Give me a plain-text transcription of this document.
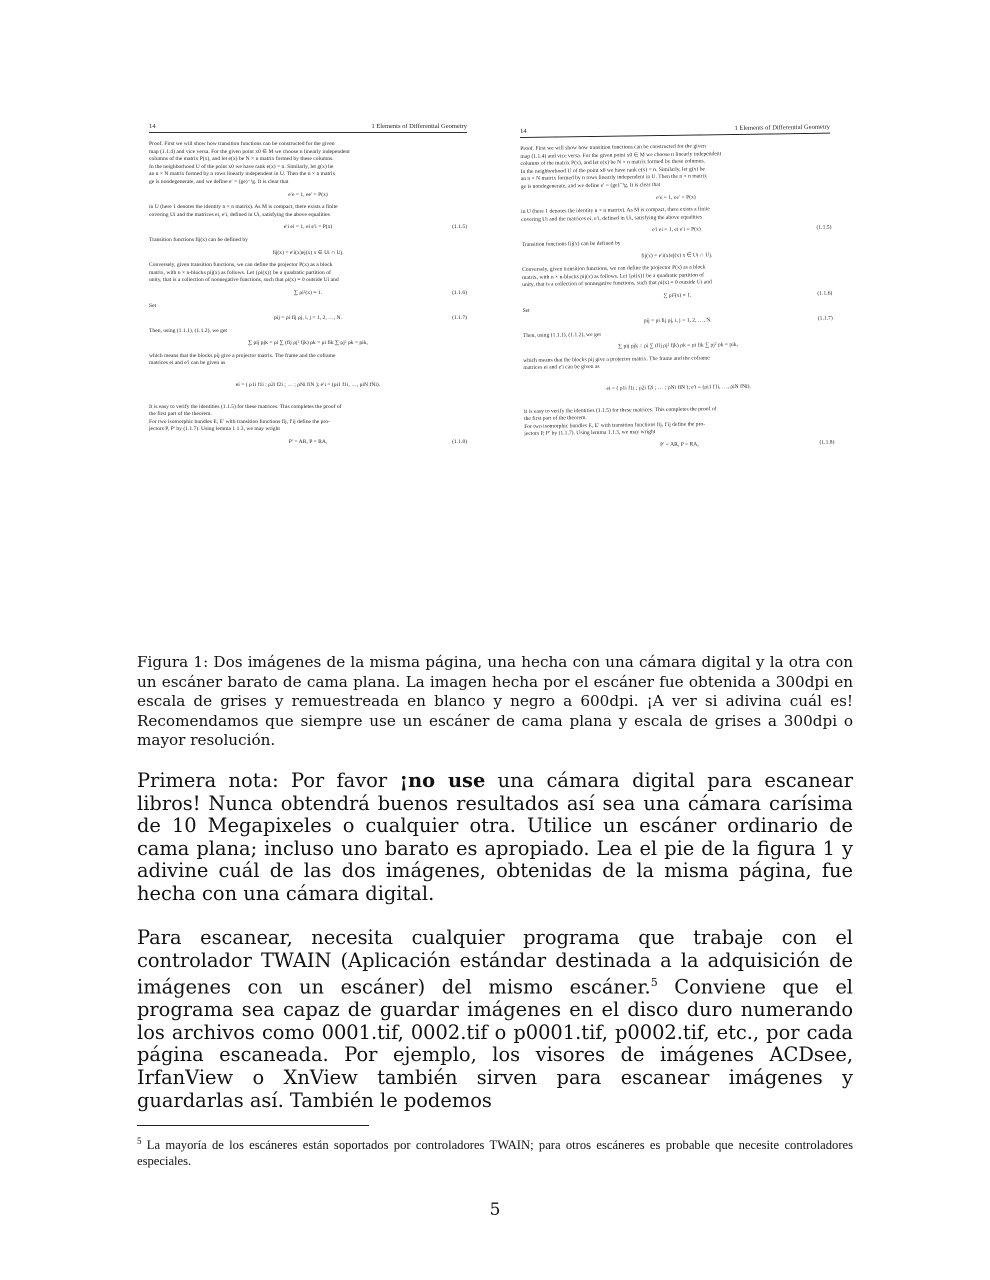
14	1 Elements of Differential Geometry
Proof. First we will show how transition functions can be constructed for the given
map (1.1.4) and vice versa. For the given point x0 ∈ M we choose n linearly independent
columns of the matrix P(x), and let e(x) be N × n matrix formed by these columns.
In the neighborhood U of the point x0 we have rank e(x) = n. Similarly, let g(x) be
an n × N matrix formed by n rows linearly independent in U. Then the n × n matrix
ge is nondegenerate, and we define e′ = (ge)⁻¹g. It is clear that
e′e = 1, ee′ = P(x)
in U (here 1 denotes the identity n × n matrix). As M is compact, there exists a finite
covering Ui and the matrices ei, e′i, defined in Ui, satisfying the above equalities
e′i ei = 1, ei e′i = P(x)	(1.1.5)
Transition functions fij(x) can be defined by
fij(x) = e′i(x)ej(x) x ∈ Ui ∩ Uj.
Conversely, given transition functions, we can define the projector P(x) as a block
matrix, with n × n-blocks pij(x) as follows. Let {ρi(x)} be a quadratic partition of
unity, that is a collection of nonnegative functions, such that ρi(x) ≡ 0 outside Ui and
∑ ρi²(x) ≡ 1.	(1.1.6)
Set
pij = ρi fij ρj, i, j = 1, 2, …, N.	(1.1.7)
Then, using (1.1.1), (1.1.2), we get
∑ pij pjk = ρi ∑ (fij ρj² fjk) ρk = ρi fik ∑ ρj² ρk = pik,
which means that the blocks pij give a projector matrix. The frame and the coframe
matrices ei and e′i can be given as
ei = ( ρ1i f1i ; ρ2i f2i ; … ; ρNi fiN ); e′i = (ρi1 f1i, …, ρiN fNi).
It is easy to verify the identities (1.1.5) for these matrices. This completes the proof of
the first part of the theorem.
For two isomorphic bundles E, E′ with transition functions fij, f′ij define the pro-
jectors P, P′ by (1.1.7). Using lemma 1.1.3, we may wright
P′ = AR, P = RA,	(1.1.8)
14	1 Elements of Differential Geometry
Proof. First we will show how transition functions can be constructed for the given
map (1.1.4) and vice versa. For the given point x0 ∈ M we choose n linearly independent
columns of the matrix P(x), and let e(x) be N × n matrix formed by these columns.
In the neighborhood U of the point x0 we have rank e(x) = n. Similarly, let g(x) be
an n × N matrix formed by n rows linearly independent in U. Then the n × n matrix
ge is nondegenerate, and we define e′ = (ge)⁻¹g. It is clear that
e′e = 1, ee′ = P(x)
in U (here 1 denotes the identity n × n matrix). As M is compact, there exists a finite
covering Ui and the matrices ei, e′i, defined in Ui, satisfying the above equalities
e′i ei = 1, ei e′i = P(x)	(1.1.5)
Transition functions fij(x) can be defined by
fij(x) = e′i(x)ej(x) x ∈ Ui ∩ Uj.
Conversely, given transition functions, we can define the projector P(x) as a block
matrix, with n × n-blocks pij(x) as follows. Let {ρi(x)} be a quadratic partition of
unity, that is a collection of nonnegative functions, such that ρi(x) ≡ 0 outside Ui and
∑ ρi²(x) ≡ 1.	(1.1.6)
Set
pij = ρi fij ρj, i, j = 1, 2, …, N.	(1.1.7)
Then, using (1.1.1), (1.1.2), we get
∑ pij pjk = ρi ∑ (fij ρj² fjk) ρk = ρi fik ∑ ρj² ρk = pik,
which means that the blocks pij give a projector matrix. The frame and the coframe
matrices ei and e′i can be given as
ei = ( ρ1i f1i ; ρ2i f2i ; … ; ρNi fiN ); e′i = (ρi1 f1i, …, ρiN fNi).
It is easy to verify the identities (1.1.5) for these matrices. This completes the proof of
the first part of the theorem.
For two isomorphic bundles E, E′ with transition functions fij, f′ij define the pro-
jectors P, P′ by (1.1.7). Using lemma 1.1.3, we may wright
P′ = AR, P = RA,	(1.1.8)
Figura 1: Dos imágenes de la misma página, una hecha con una cámara digital y la otra con un escáner barato de cama plana. La imagen hecha por el escáner fue obtenida a 300dpi en escala de grises y remuestreada en blanco y negro a 600dpi. ¡A ver si adivina cuál es! Recomendamos que siempre use un escáner de cama plana y escala de grises a 300dpi o mayor resolución.
Primera nota: Por favor ¡no use una cámara digital para escanear libros! Nunca obtendrá buenos resultados así sea una cámara carísima de 10 Megapixeles o cualquier otra. Utilice un escáner ordinario de cama plana; incluso uno barato es apropiado. Lea el pie de la figura 1 y adivine cuál de las dos imágenes, obtenidas de la misma página, fue hecha con una cámara digital.
Para escanear, necesita cualquier programa que trabaje con el controlador TWAIN (Aplicación estándar destinada a la adquisición de imágenes con un escáner) del mismo escáner.$^5$ Conviene que el programa sea capaz de guardar imágenes en el disco duro numerando los archivos como 0001.tif, 0002.tif o p0001.tif, p0002.tif, etc., por cada página escaneada. Por ejemplo, los visores de imágenes ACDsee, IrfanView o XnView también sirven para escanear imágenes y guardarlas así. También le podemos
$^5$ La mayoría de los escáneres están soportados por controladores TWAIN; para otros escáneres es probable que necesite controladores especiales.
5
